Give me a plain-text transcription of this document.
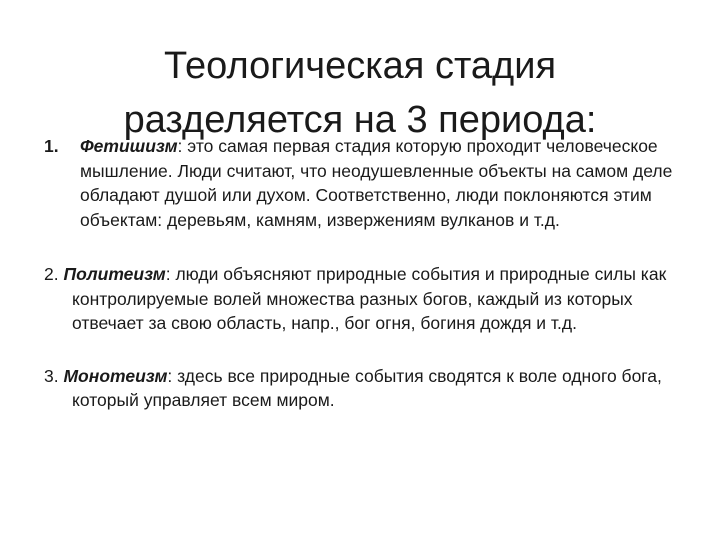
Теологическая стадия
разделяется на 3 периода:

1. Фетишизм: это самая первая стадия которую проходит человеческое мышление. Люди считают, что неодушевленные объекты на самом деле обладают душой или духом. Соответственно, люди поклоняются этим объектам: деревьям, камням, извержениям вулканов и т.д.

2. Политеизм: люди объясняют природные события и природные силы как контролируемые волей множества разных богов, каждый из которых отвечает за свою область, напр., бог огня, богиня дождя и т.д.

3. Монотеизм: здесь все природные события сводятся к воле одного бога, который управляет всем миром.
